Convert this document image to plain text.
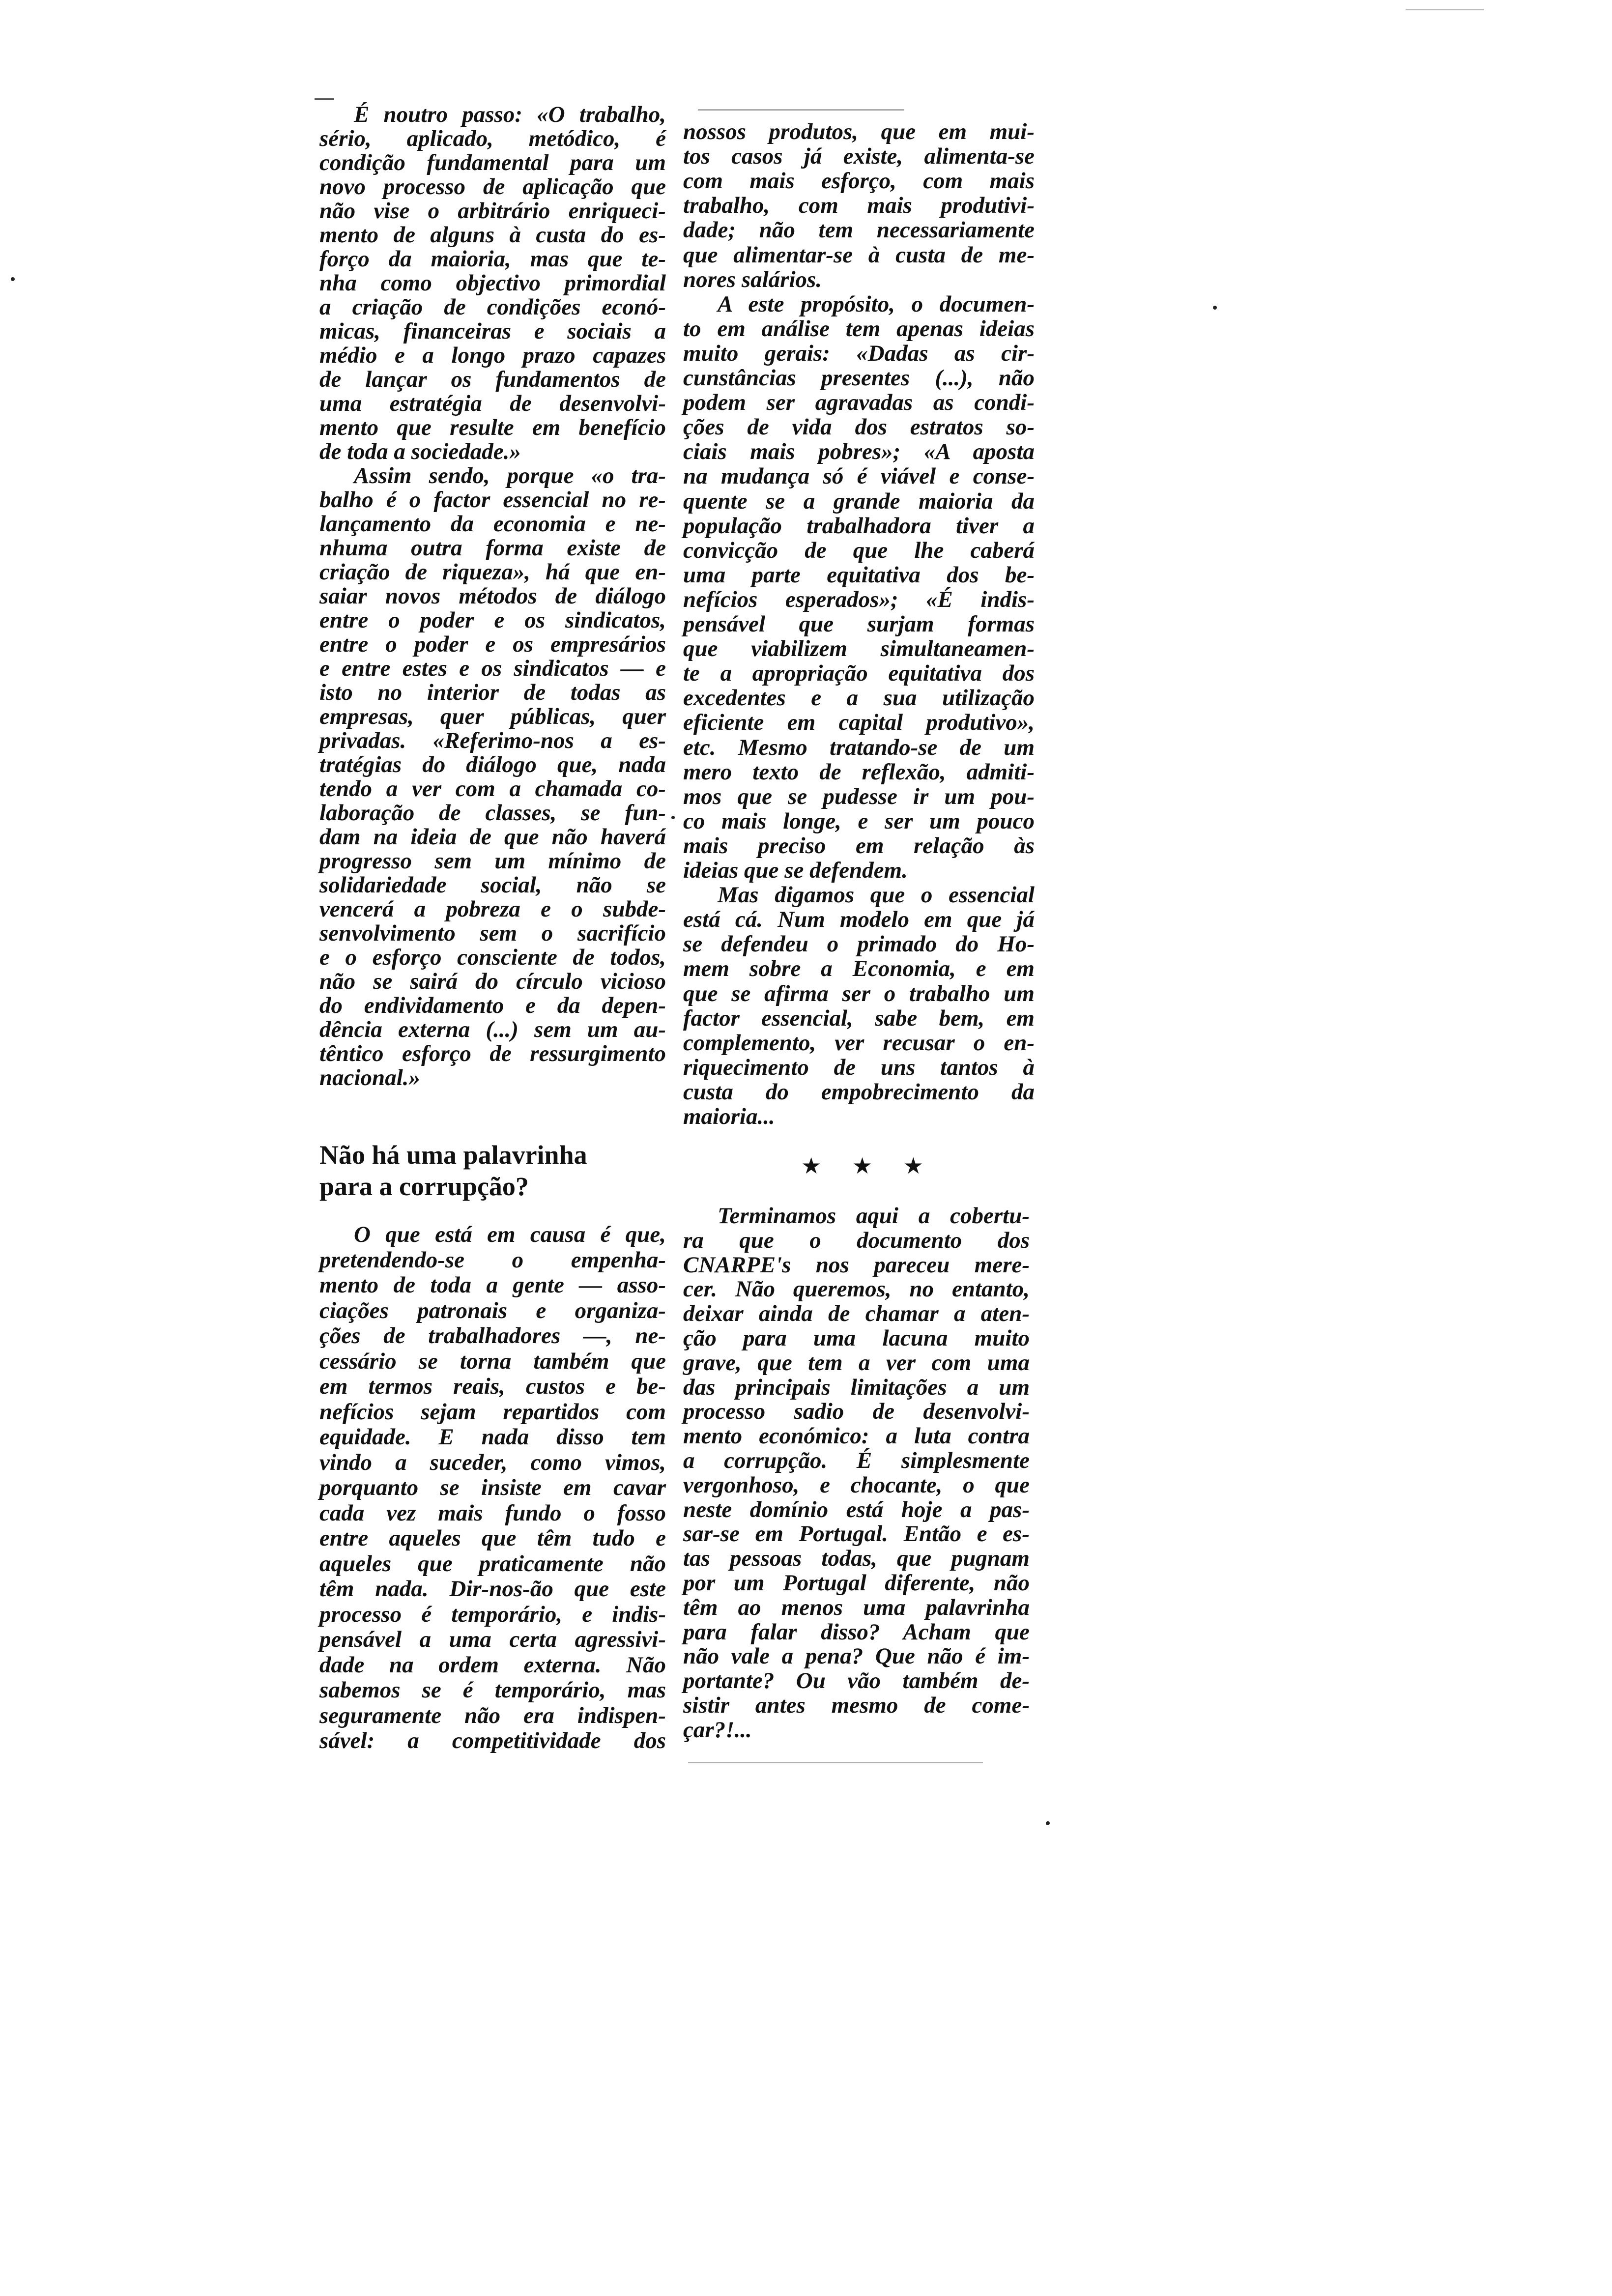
É noutro passo: «O trabalho,
sério, aplicado, metódico, é
condição fundamental para um
novo processo de aplicação que
não vise o arbitrário enriqueci-
mento de alguns à custa do es-
forço da maioria, mas que te-
nha como objectivo primordial
a criação de condições econó-
micas, financeiras e sociais a
médio e a longo prazo capazes
de lançar os fundamentos de
uma estratégia de desenvolvi-
mento que resulte em benefício
de toda a sociedade.»
Assim sendo, porque «o tra-
balho é o factor essencial no re-
lançamento da economia e ne-
nhuma outra forma existe de
criação de riqueza», há que en-
saiar novos métodos de diálogo
entre o poder e os sindicatos,
entre o poder e os empresários
e entre estes e os sindicatos — e
isto no interior de todas as
empresas, quer públicas, quer
privadas. «Referimo-nos a es-
tratégias do diálogo que, nada
tendo a ver com a chamada co-
laboração de classes, se fun-
dam na ideia de que não haverá
progresso sem um mínimo de
solidariedade social, não se
vencerá a pobreza e o subde-
senvolvimento sem o sacrifício
e o esforço consciente de todos,
não se sairá do círculo vicioso
do endividamento e da depen-
dência externa (...) sem um au-
têntico esforço de ressurgimento
nacional.»
Não há uma palavrinha
para a corrupção?
O que está em causa é que,
pretendendo-se o empenha-
mento de toda a gente — asso-
ciações patronais e organiza-
ções de trabalhadores —, ne-
cessário se torna também que
em termos reais, custos e be-
nefícios sejam repartidos com
equidade. E nada disso tem
vindo a suceder, como vimos,
porquanto se insiste em cavar
cada vez mais fundo o fosso
entre aqueles que têm tudo e
aqueles que praticamente não
têm nada. Dir-nos-ão que este
processo é temporário, e indis-
pensável a uma certa agressivi-
dade na ordem externa. Não
sabemos se é temporário, mas
seguramente não era indispen-
sável: a competitividade dos
nossos produtos, que em mui-
tos casos já existe, alimenta-se
com mais esforço, com mais
trabalho, com mais produtivi-
dade; não tem necessariamente
que alimentar-se à custa de me-
nores salários.
A este propósito, o documen-
to em análise tem apenas ideias
muito gerais: «Dadas as cir-
cunstâncias presentes (...), não
podem ser agravadas as condi-
ções de vida dos estratos so-
ciais mais pobres»; «A aposta
na mudança só é viável e conse-
quente se a grande maioria da
população trabalhadora tiver a
convicção de que lhe caberá
uma parte equitativa dos be-
nefícios esperados»; «É indis-
pensável que surjam formas
que viabilizem simultaneamen-
te a apropriação equitativa dos
excedentes e a sua utilização
eficiente em capital produtivo»,
etc. Mesmo tratando-se de um
mero texto de reflexão, admiti-
mos que se pudesse ir um pou-
co mais longe, e ser um pouco
mais preciso em relação às
ideias que se defendem.
Mas digamos que o essencial
está cá. Num modelo em que já
se defendeu o primado do Ho-
mem sobre a Economia, e em
que se afirma ser o trabalho um
factor essencial, sabe bem, em
complemento, ver recusar o en-
riquecimento de uns tantos à
custa do empobrecimento da
maioria...
★ ★ ★
Terminamos aqui a cobertu-
ra que o documento dos
CNARPE's nos pareceu mere-
cer. Não queremos, no entanto,
deixar ainda de chamar a aten-
ção para uma lacuna muito
grave, que tem a ver com uma
das principais limitações a um
processo sadio de desenvolvi-
mento económico: a luta contra
a corrupção. É simplesmente
vergonhoso, e chocante, o que
neste domínio está hoje a pas-
sar-se em Portugal. Então e es-
tas pessoas todas, que pugnam
por um Portugal diferente, não
têm ao menos uma palavrinha
para falar disso? Acham que
não vale a pena? Que não é im-
portante? Ou vão também de-
sistir antes mesmo de come-
çar?!...
